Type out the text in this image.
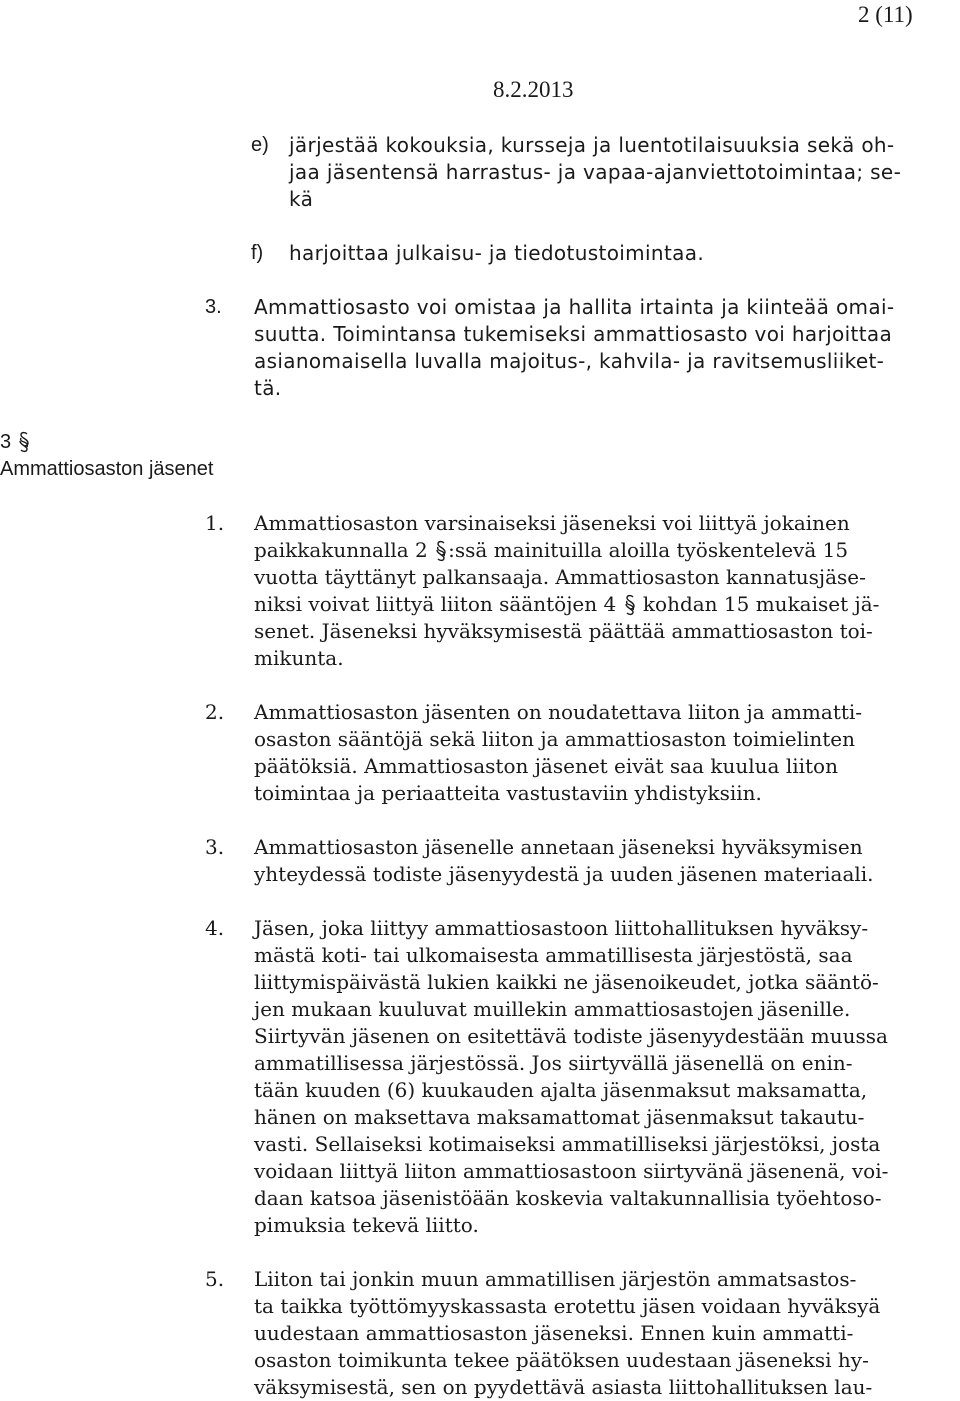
2 (11)
8.2.2013
e) järjestää kokouksia, kursseja ja luentotilaisuuksia sekä oh-
jaa jäsentensä harrastus- ja vapaa-ajanviettotoimintaa; se-
kä
f) harjoittaa julkaisu- ja tiedotustoimintaa.
3. Ammattiosasto voi omistaa ja hallita irtainta ja kiinteää omai-
suutta. Toimintansa tukemiseksi ammattiosasto voi harjoittaa
asianomaisella luvalla majoitus-, kahvila- ja ravitsemusliiket-
tä.
3
Ammattiosaston jäsenet
1. Ammattiosaston varsinaiseksi jäseneksi voi liittyä jokainen
paikkakunnalla 2
:ssä mainituilla aloilla työskentelevä 15
vuotta täyttänyt palkansaaja. Ammattiosaston kannatusjäse-
niksi voivat liittyä liiton sääntöjen 4
kohdan 15 mukaiset jä-
senet. Jäseneksi hyväksymisestä päättää ammattiosaston toi-
mikunta.
2. Ammattiosaston jäsenten on noudatettava liiton ja ammatti-
osaston sääntöjä sekä liiton ja ammattiosaston toimielinten
päätöksiä. Ammattiosaston jäsenet eivät saa kuulua liiton
toimintaa ja periaatteita vastustaviin yhdistyksiin.
3. Ammattiosaston jäsenelle annetaan jäseneksi hyväksymisen
yhteydessä todiste jäsenyydestä ja uuden jäsenen materiaali.
4. Jäsen, joka liittyy ammattiosastoon liittohallituksen hyväksy-
mästä koti- tai ulkomaisesta ammatillisesta järjestöstä, saa
liittymispäivästä lukien kaikki ne jäsenoikeudet, jotka sääntö-
jen mukaan kuuluvat muillekin ammattiosastojen jäsenille.
Siirtyvän jäsenen on esitettävä todiste jäsenyydestään muussa
ammatillisessa järjestössä. Jos siirtyvällä jäsenellä on enin-
tään kuuden (6) kuukauden ajalta jäsenmaksut maksamatta,
hänen on maksettava maksamattomat jäsenmaksut takautu-
vasti. Sellaiseksi kotimaiseksi ammatilliseksi järjestöksi, josta
voidaan liittyä liiton ammattiosastoon siirtyvänä jäsenenä, voi-
daan katsoa jäsenistöään koskevia valtakunnallisia työehtoso-
pimuksia tekevä liitto.
5. Liiton tai jonkin muun ammatillisen järjestön ammatsastos-
ta taikka työttömyyskassasta erotettu jäsen voidaan hyväksyä
uudestaan ammattiosaston jäseneksi. Ennen kuin ammatti-
osaston toimikunta tekee päätöksen uudestaan jäseneksi hy-
väksymisestä, sen on pyydettävä asiasta liittohallituksen lau-
